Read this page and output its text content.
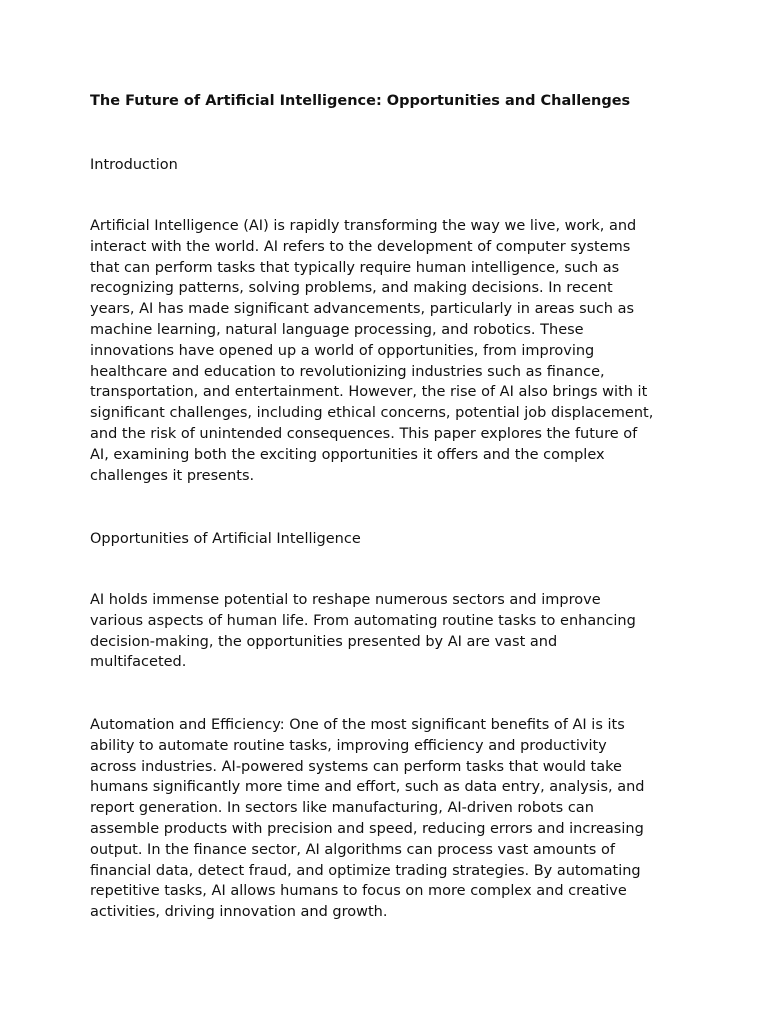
The Future of Artificial Intelligence: Opportunities and Challenges
Introduction

Artificial Intelligence (AI) is rapidly transforming the way we live, work, and
interact with the world. AI refers to the development of computer systems
that can perform tasks that typically require human intelligence, such as
recognizing patterns, solving problems, and making decisions. In recent
years, AI has made significant advancements, particularly in areas such as
machine learning, natural language processing, and robotics. These
innovations have opened up a world of opportunities, from improving
healthcare and education to revolutionizing industries such as finance,
transportation, and entertainment. However, the rise of AI also brings with it
significant challenges, including ethical concerns, potential job displacement,
and the risk of unintended consequences. This paper explores the future of
AI, examining both the exciting opportunities it offers and the complex
challenges it presents.

Opportunities of Artificial Intelligence

AI holds immense potential to reshape numerous sectors and improve
various aspects of human life. From automating routine tasks to enhancing
decision-making, the opportunities presented by AI are vast and
multifaceted.

Automation and Efficiency: One of the most significant benefits of AI is its
ability to automate routine tasks, improving efficiency and productivity
across industries. AI-powered systems can perform tasks that would take
humans significantly more time and effort, such as data entry, analysis, and
report generation. In sectors like manufacturing, AI-driven robots can
assemble products with precision and speed, reducing errors and increasing
output. In the finance sector, AI algorithms can process vast amounts of
financial data, detect fraud, and optimize trading strategies. By automating
repetitive tasks, AI allows humans to focus on more complex and creative
activities, driving innovation and growth.
